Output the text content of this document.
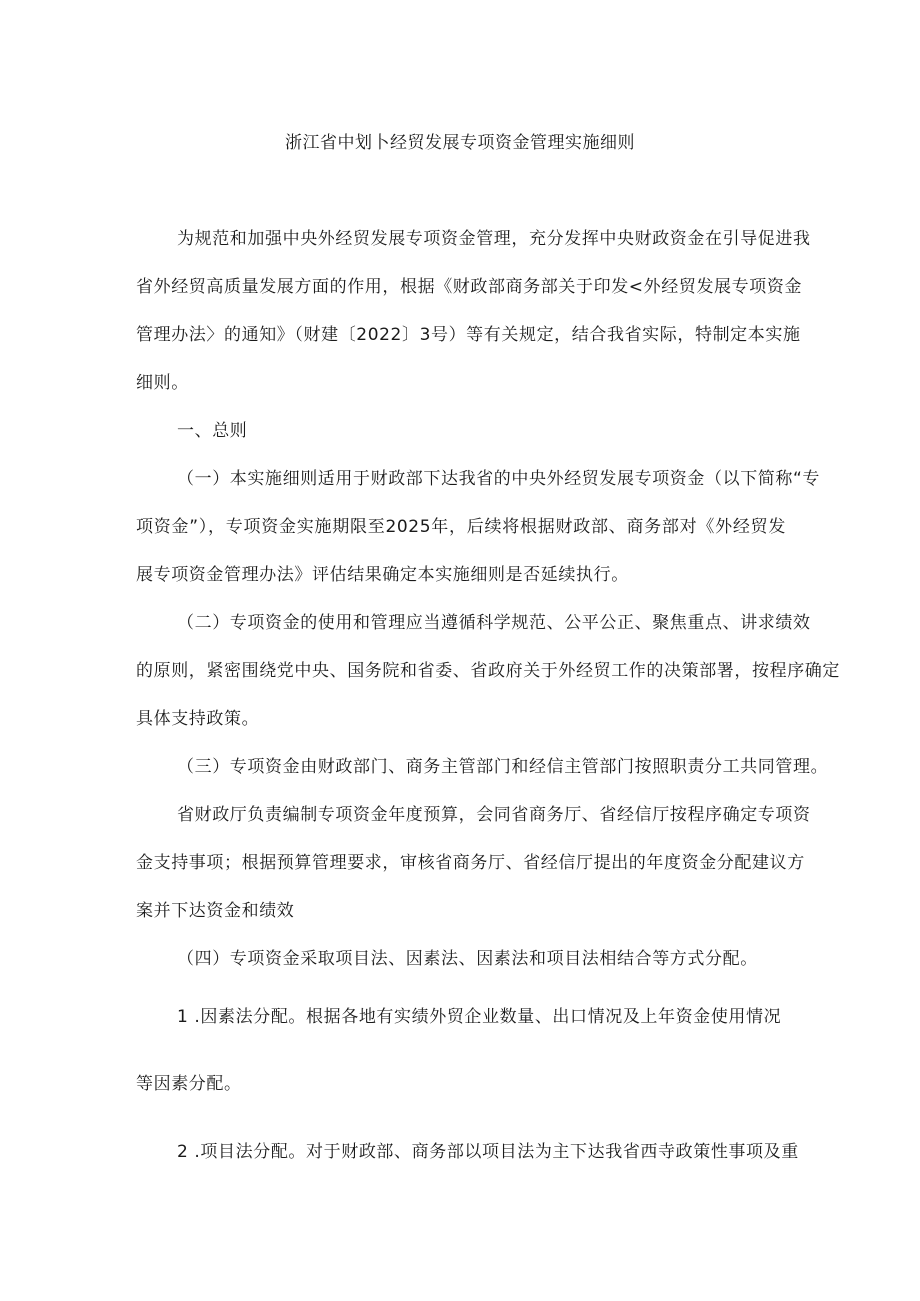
浙江省中划卜经贸发展专项资金管理实施细则
为规范和加强中央外经贸发展专项资金管理，充分发挥中央财政资金在引导促进我
省外经贸高质量发展方面的作用，根据《财政部商务部关于印发<外经贸发展专项资金
管理办法〉的通知》（财建〔2022〕3号）等有关规定，结合我省实际，特制定本实施
细则。
一、总则
（一）本实施细则适用于财政部下达我省的中央外经贸发展专项资金（以下简称“专
项资金”），专项资金实施期限至2025年，后续将根据财政部、商务部对《外经贸发
展专项资金管理办法》评估结果确定本实施细则是否延续执行。
（二）专项资金的使用和管理应当遵循科学规范、公平公正、聚焦重点、讲求绩效
的原则，紧密围绕党中央、国务院和省委、省政府关于外经贸工作的决策部署，按程序确定
具体支持政策。
（三）专项资金由财政部门、商务主管部门和经信主管部门按照职责分工共同管理。
省财政厅负责编制专项资金年度预算，会同省商务厅、省经信厅按程序确定专项资
金支持事项；根据预算管理要求，审核省商务厅、省经信厅提出的年度资金分配建议方
案并下达资金和绩效
（四）专项资金采取项目法、因素法、因素法和项目法相结合等方式分配。
1 .因素法分配。根据各地有实绩外贸企业数量、出口情况及上年资金使用情况
等因素分配。
2 .项目法分配。对于财政部、商务部以项目法为主下达我省西寺政策性事项及重
